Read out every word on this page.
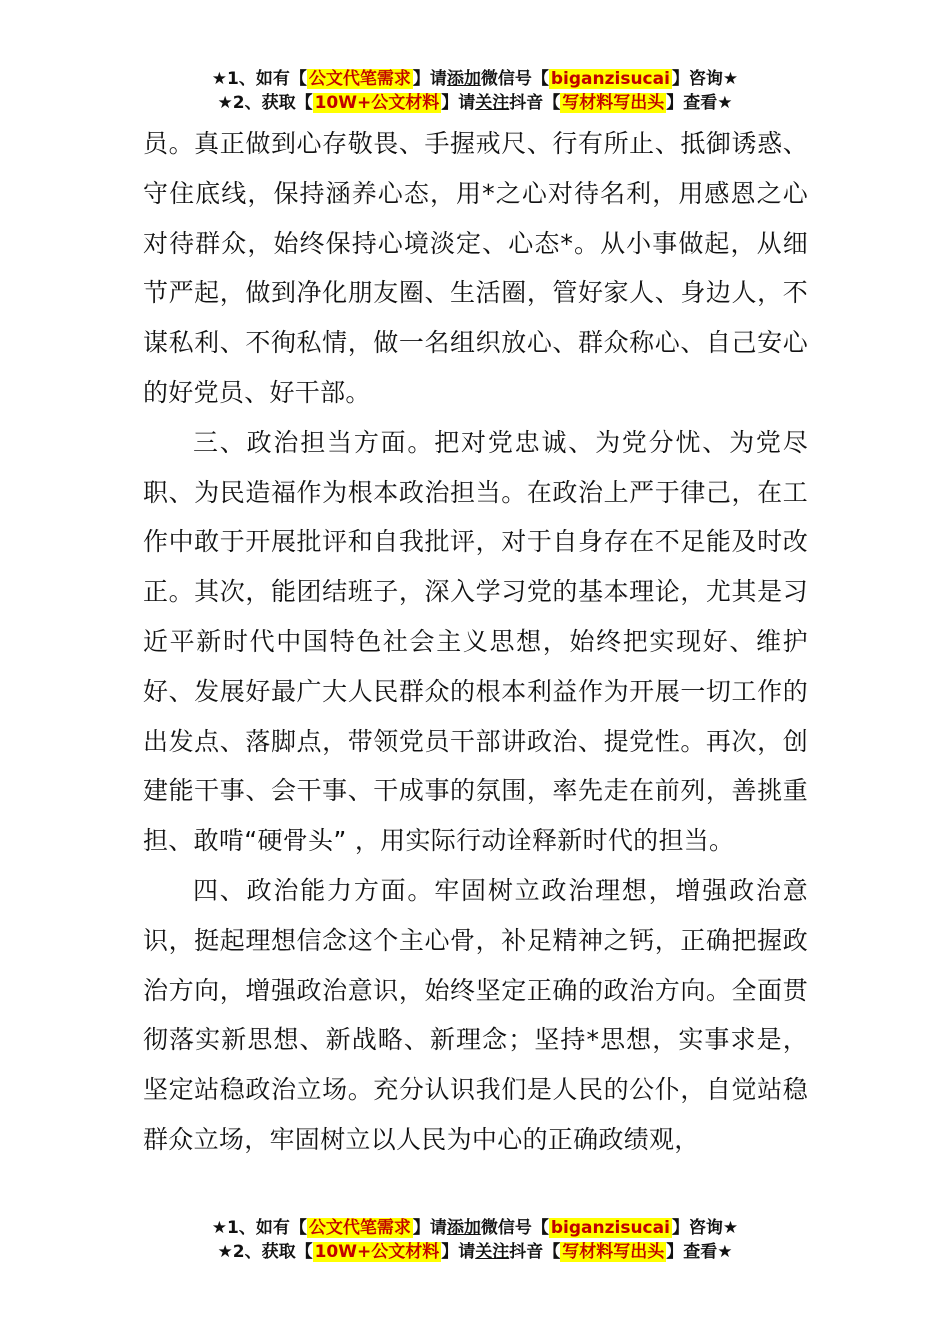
★1、如有【 公文代笔需求 】请添加微信号【 biganzisucai 】咨询★
★2、获取【 10W+公文材料 】请关注抖音【 写材料写出头 】查看★

员。真正做到心存敬畏、手握戒尺、行有所止、抵御诱惑、守住底线，保持涵养心态，用*之心对待名利，用感恩之心对待群众，始终保持心境淡定、心态*。从小事做起，从细节严起，做到净化朋友圈、生活圈，管好家人、身边人，不谋私利、不徇私情，做一名组织放心、群众称心、自己安心的好党员、好干部。

三、政治担当方面。把对党忠诚、为党分忧、为党尽职、为民造福作为根本政治担当。在政治上严于律己，在工作中敢于开展批评和自我批评，对于自身存在不足能及时改正。其次，能团结班子，深入学习党的基本理论，尤其是习近平新时代中国特色社会主义思想，始终把实现好、维护好、发展好最广大人民群众的根本利益作为开展一切工作的出发点、落脚点，带领党员干部讲政治、提党性。再次，创建能干事、会干事、干成事的氛围，率先走在前列，善挑重担、敢啃“硬骨头” ，用实际行动诠释新时代的担当。

四、政治能力方面。牢固树立政治理想，增强政治意识，挺起理想信念这个主心骨，补足精神之钙，正确把握政治方向，增强政治意识，始终坚定正确的政治方向。全面贯彻落实新思想、新战略、新理念；坚持*思想，实事求是，坚定站稳政治立场。充分认识我们是人民的公仆，自觉站稳群众立场，牢固树立以人民为中心的正确政绩观，

★1、如有【 公文代笔需求 】请添加微信号【 biganzisucai 】咨询★
★2、获取【 10W+公文材料 】请关注抖音【 写材料写出头 】查看★
